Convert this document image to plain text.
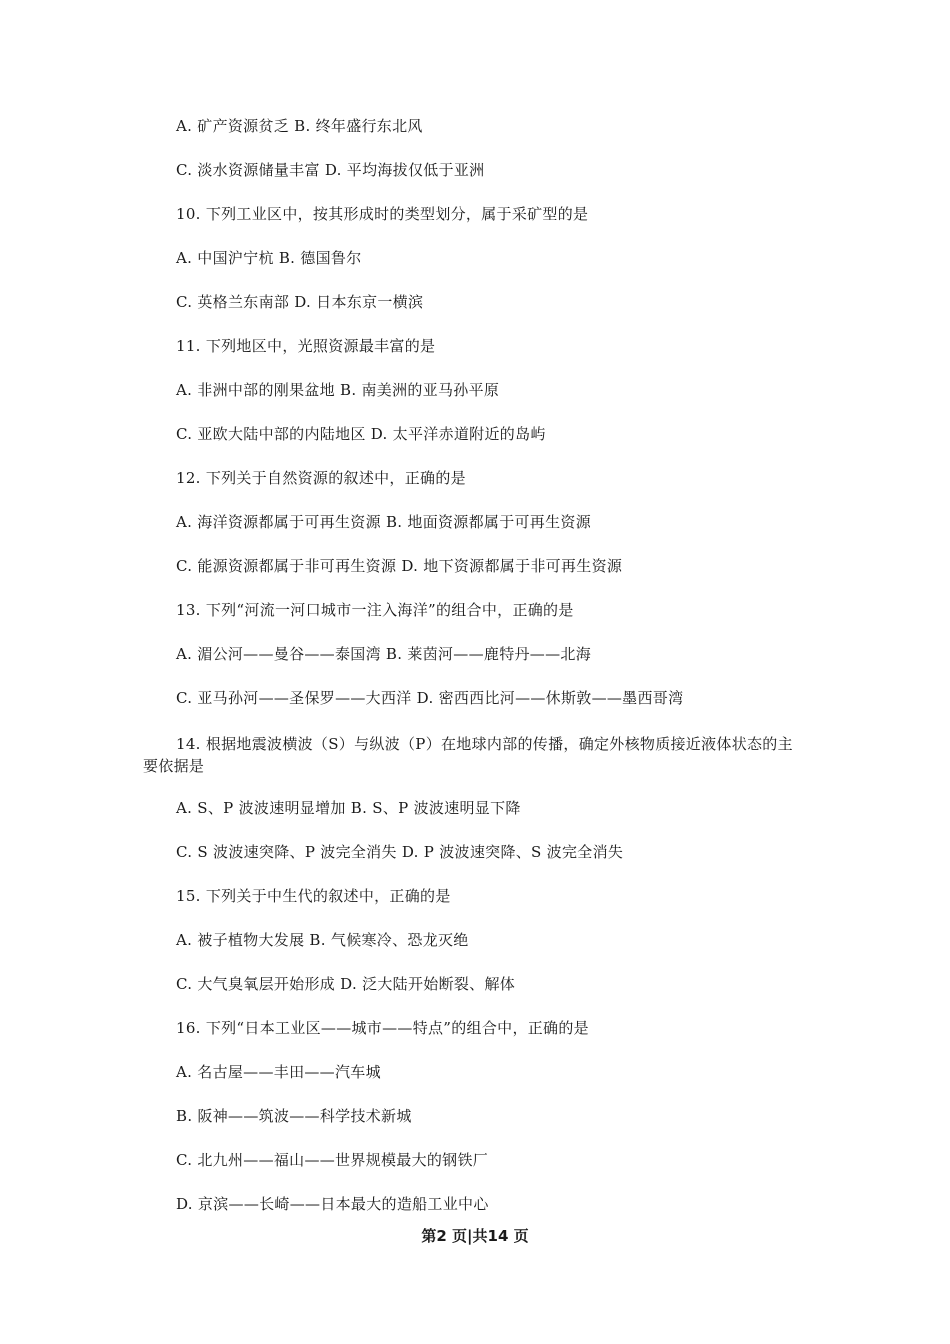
A. 矿产资源贫乏 B. 终年盛行东北风
C. 淡水资源储量丰富 D. 平均海拔仅低于亚洲
10. 下列工业区中，按其形成时的类型划分，属于采矿型的是
A. 中国沪宁杭 B. 德国鲁尔
C. 英格兰东南部 D. 日本东京一横滨
11. 下列地区中，光照资源最丰富的是
A. 非洲中部的刚果盆地 B. 南美洲的亚马孙平原
C. 亚欧大陆中部的内陆地区 D. 太平洋赤道附近的岛屿
12. 下列关于自然资源的叙述中，正确的是
A. 海洋资源都属于可再生资源 B. 地面资源都属于可再生资源
C. 能源资源都属于非可再生资源 D. 地下资源都属于非可再生资源
13. 下列“河流一河口城市一注入海洋”的组合中，正确的是
A. 湄公河——曼谷——泰国湾 B. 莱茵河——鹿特丹——北海
C. 亚马孙河——圣保罗——大西洋 D. 密西西比河——休斯敦——墨西哥湾
14. 根据地震波横波（S）与纵波（P）在地球内部的传播，确定外核物质接近液体状态的主要依据是
A. S、P 波波速明显增加 B. S、P 波波速明显下降
C. S 波波速突降、P 波完全消失 D. P 波波速突降、S 波完全消失
15. 下列关于中生代的叙述中，正确的是
A. 被子植物大发展 B. 气候寒冷、恐龙灭绝
C. 大气臭氧层开始形成 D. 泛大陆开始断裂、解体
16. 下列“日本工业区——城市——特点”的组合中，正确的是
A. 名古屋——丰田——汽车城
B. 阪神——筑波——科学技术新城
C. 北九州——福山——世界规模最大的钢铁厂
D. 京滨——长崎——日本最大的造船工业中心
第2 页|共14 页
